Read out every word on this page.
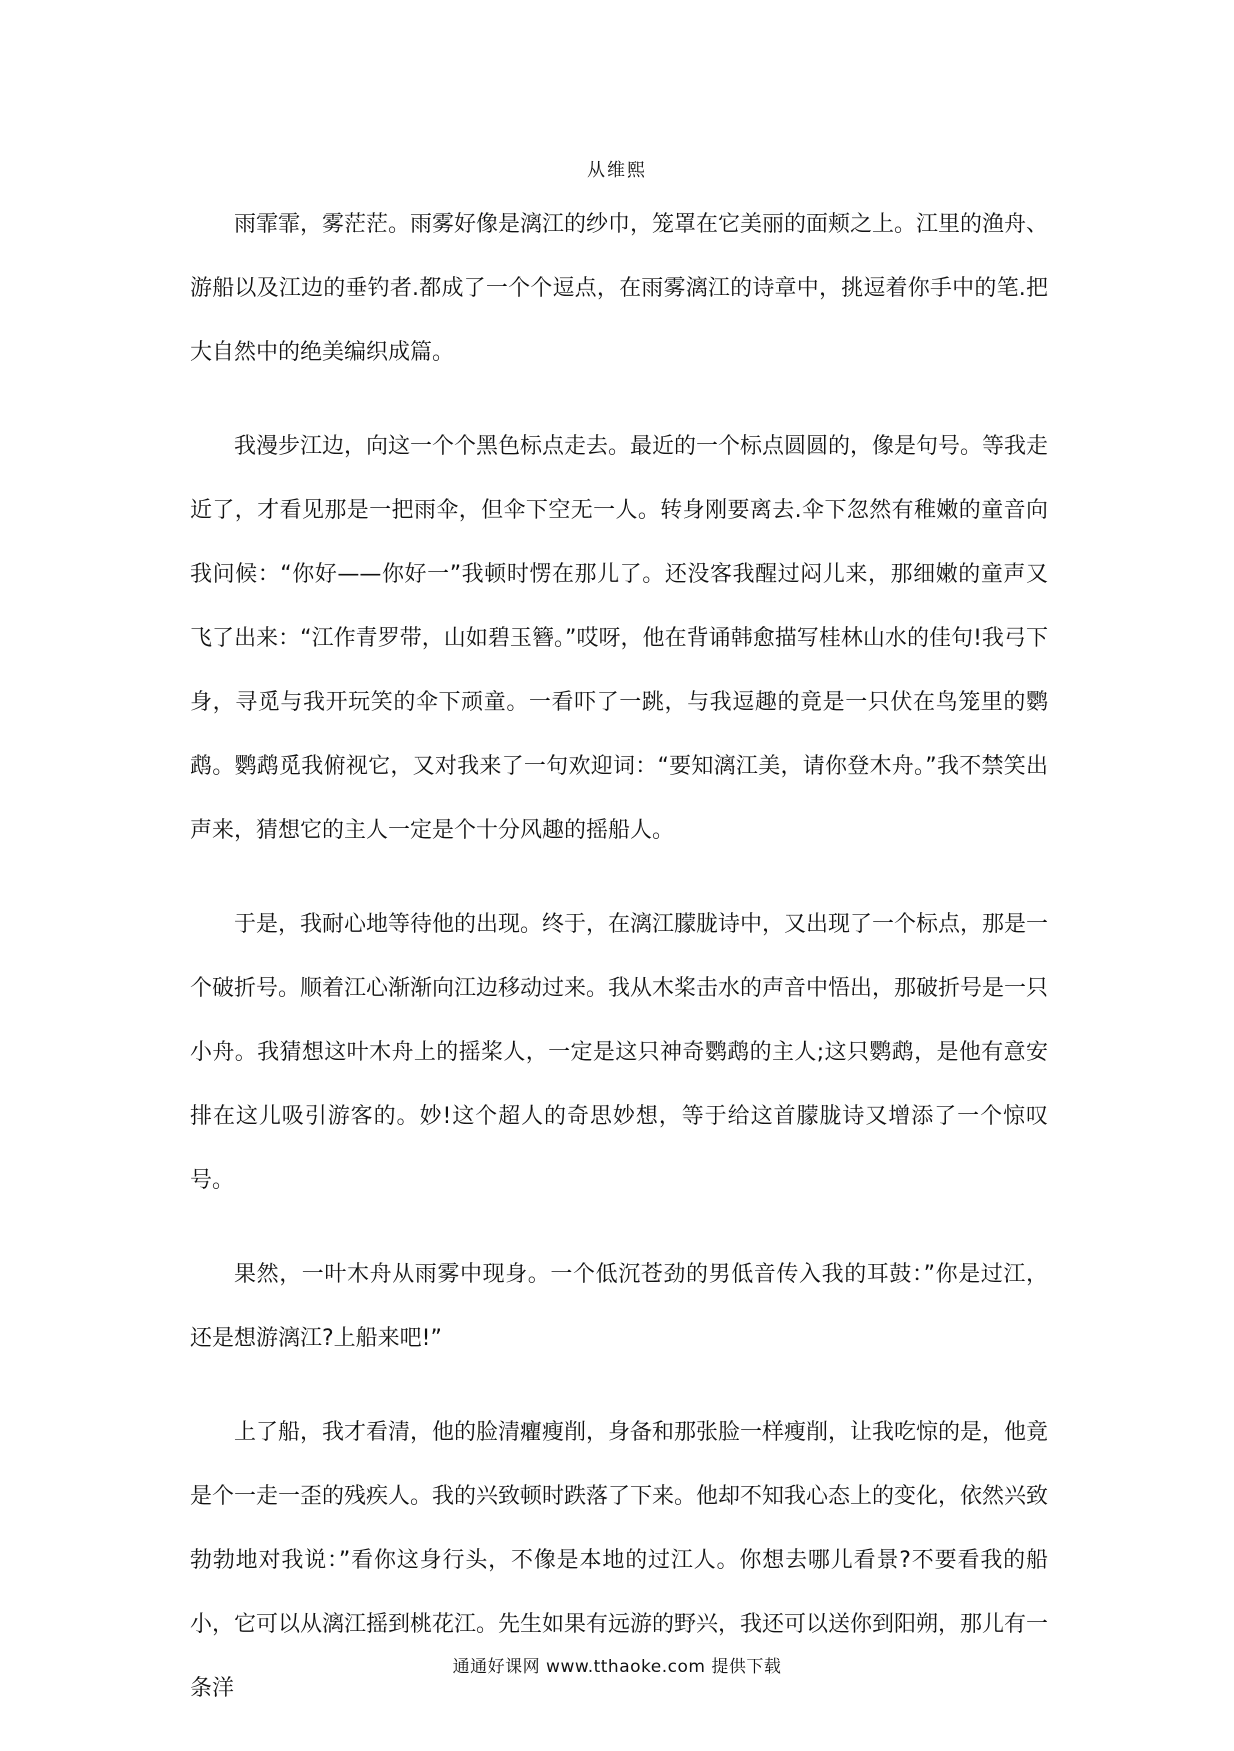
从维熙

雨霏霏，雾茫茫。雨雾好像是漓江的纱巾，笼罩在它美丽的面颊之上。江里的渔舟、游船以及江边的垂钓者.都成了一个个逗点，在雨雾漓江的诗章中，挑逗着你手中的笔.把大自然中的绝美编织成篇。

我漫步江边，向这一个个黑色标点走去。最近的一个标点圆圆的，像是句号。等我走近了，才看见那是一把雨伞，但伞下空无一人。转身刚要离去.伞下忽然有稚嫩的童音向我问候：“你好——你好一”我顿时愣在那儿了。还没客我醒过闷儿来，那细嫩的童声又飞了出来：“江作青罗带，山如碧玉簪。”哎呀，他在背诵韩愈描写桂林山水的佳句!我弓下身，寻觅与我开玩笑的伞下顽童。一看吓了一跳，与我逗趣的竟是一只伏在鸟笼里的鹦鹉。鹦鹉觅我俯视它，又对我来了一句欢迎词：“要知漓江美，请你登木舟。”我不禁笑出声来，猜想它的主人一定是个十分风趣的摇船人。

于是，我耐心地等待他的出现。终于，在漓江朦胧诗中，又出现了一个标点，那是一个破折号。顺着江心渐渐向江边移动过来。我从木桨击水的声音中悟出，那破折号是一只小舟。我猜想这叶木舟上的摇桨人，一定是这只神奇鹦鹉的主人;这只鹦鹉，是他有意安排在这儿吸引游客的。妙!这个超人的奇思妙想，等于给这首朦胧诗又增添了一个惊叹号。

果然，一叶木舟从雨雾中现身。一个低沉苍劲的男低音传入我的耳鼓：”你是过江，还是想游漓江?上船来吧!”

上了船，我才看清，他的脸清癯瘦削，身备和那张脸一样瘦削，让我吃惊的是，他竟是个一走一歪的残疾人。我的兴致顿时跌落了下来。他却不知我心态上的变化，依然兴致勃勃地对我说：”看你这身行头，不像是本地的过江人。你想去哪儿看景?不要看我的船小，它可以从漓江摇到桃花江。先生如果有远游的野兴，我还可以送你到阳朔，那儿有一条洋

通通好课网 www.tthaoke.com 提供下载
